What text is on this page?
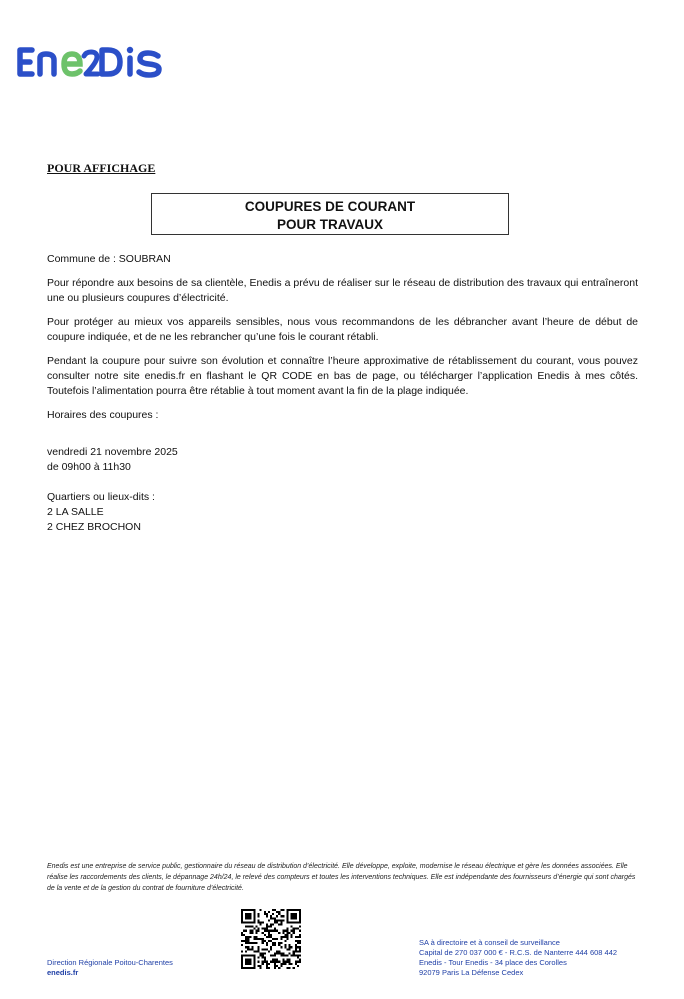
POUR AFFICHAGE

COUPURES DE COURANT
POUR TRAVAUX

Commune de : SOUBRAN

Pour répondre aux besoins de sa clientèle, Enedis a prévu de réaliser sur le réseau de distribution des travaux qui entraîneront une ou plusieurs coupures d’électricité.

Pour protéger au mieux vos appareils sensibles, nous vous recommandons de les débrancher avant l’heure de début de coupure indiquée, et de ne les rebrancher qu’une fois le courant rétabli.

Pendant la coupure pour suivre son évolution et connaître l’heure approximative de rétablissement du courant, vous pouvez consulter notre site enedis.fr en flashant le QR CODE en bas de page, ou télécharger l’application Enedis à mes côtés. Toutefois l’alimentation pourra être rétablie à tout moment avant la fin de la plage indiquée.

Horaires des coupures :

vendredi 21 novembre 2025

de 09h00 à 11h30

Quartiers ou lieux-dits :

2 LA SALLE

2 CHEZ BROCHON

Enedis est une entreprise de service public, gestionnaire du réseau de distribution d’électricité. Elle développe, exploite, modernise le réseau électrique et gère les données associées. Elle réalise les raccordements des clients, le dépannage 24h/24, le relevé des compteurs et toutes les interventions techniques. Elle est indépendante des fournisseurs d’énergie qui sont chargés de la vente et de la gestion du contrat de fourniture d’électricité.
Direction Régionale Poitou-Charentes
enedis.fr
SA à directoire et à conseil de surveillance
Capital de 270 037 000 € - R.C.S. de Nanterre 444 608 442
Enedis - Tour Enedis - 34 place des Corolles
92079 Paris La Défense Cedex
